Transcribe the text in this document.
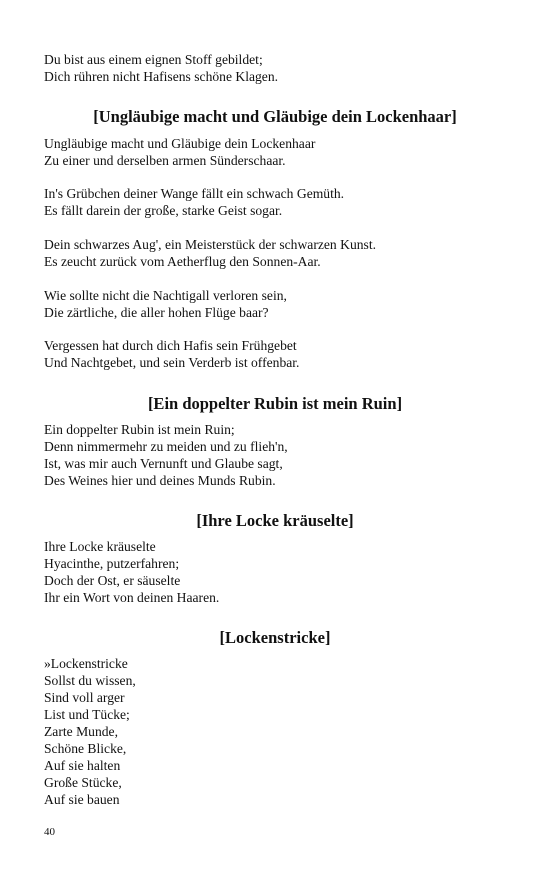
Du bist aus einem eignen Stoff gebildet;
Dich rühren nicht Hafisens schöne Klagen.
[Ungläubige macht und Gläubige dein Lockenhaar]
Ungläubige macht und Gläubige dein Lockenhaar
Zu einer und derselben armen Sünderschaar.
In's Grübchen deiner Wange fällt ein schwach Gemüth.
Es fällt darein der große, starke Geist sogar.
Dein schwarzes Aug', ein Meisterstück der schwarzen Kunst.
Es zeucht zurück vom Aetherflug den Sonnen-Aar.
Wie sollte nicht die Nachtigall verloren sein,
Die zärtliche, die aller hohen Flüge baar?
Vergessen hat durch dich Hafis sein Frühgebet
Und Nachtgebet, und sein Verderb ist offenbar.
[Ein doppelter Rubin ist mein Ruin]
Ein doppelter Rubin ist mein Ruin;
Denn nimmermehr zu meiden und zu flieh'n,
Ist, was mir auch Vernunft und Glaube sagt,
Des Weines hier und deines Munds Rubin.
[Ihre Locke kräuselte]
Ihre Locke kräuselte
Hyacinthe, putzerfahren;
Doch der Ost, er säuselte
Ihr ein Wort von deinen Haaren.
[Lockenstricke]
»Lockenstricke
Sollst du wissen,
Sind voll arger
List und Tücke;
Zarte Munde,
Schöne Blicke,
Auf sie halten
Große Stücke,
Auf sie bauen
40
